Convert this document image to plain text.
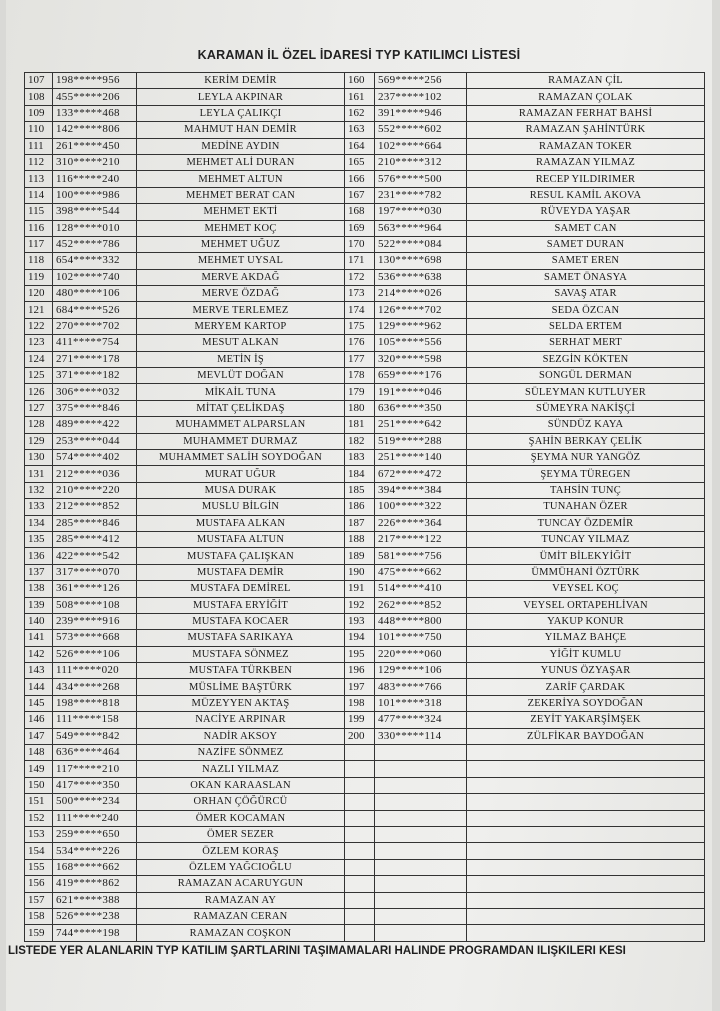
KARAMAN İL ÖZEL İDARESİ TYP KATILIMCI LİSTESİ
107	198*****956	KERİM DEMİR	160	569*****256	RAMAZAN ÇİL
108	455*****206	LEYLA AKPINAR	161	237*****102	RAMAZAN ÇOLAK
109	133*****468	LEYLA ÇALIKÇI	162	391*****946	RAMAZAN FERHAT BAHSİ
110	142*****806	MAHMUT HAN DEMİR	163	552*****602	RAMAZAN ŞAHİNTÜRK
111	261*****450	MEDİNE AYDIN	164	102*****664	RAMAZAN TOKER
112	310*****210	MEHMET ALİ DURAN	165	210*****312	RAMAZAN YILMAZ
113	116*****240	MEHMET ALTUN	166	576*****500	RECEP YILDIRIMER
114	100*****986	MEHMET BERAT CAN	167	231*****782	RESUL KAMİL AKOVA
115	398*****544	MEHMET EKTİ	168	197*****030	RÜVEYDA YAŞAR
116	128*****010	MEHMET KOÇ	169	563*****964	SAMET CAN
117	452*****786	MEHMET UĞUZ	170	522*****084	SAMET DURAN
118	654*****332	MEHMET UYSAL	171	130*****698	SAMET EREN
119	102*****740	MERVE AKDAĞ	172	536*****638	SAMET ÖNASYA
120	480*****106	MERVE ÖZDAĞ	173	214*****026	SAVAŞ ATAR
121	684*****526	MERVE TERLEMEZ	174	126*****702	SEDA ÖZCAN
122	270*****702	MERYEM KARTOP	175	129*****962	SELDA ERTEM
123	411*****754	MESUT ALKAN	176	105*****556	SERHAT MERT
124	271*****178	METİN İŞ	177	320*****598	SEZGİN KÖKTEN
125	371*****182	MEVLÜT DOĞAN	178	659*****176	SONGÜL DERMAN
126	306*****032	MİKAİL TUNA	179	191*****046	SÜLEYMAN KUTLUYER
127	375*****846	MİTAT ÇELİKDAŞ	180	636*****350	SÜMEYRA NAKİŞÇİ
128	489*****422	MUHAMMET ALPARSLAN	181	251*****642	SÜNDÜZ KAYA
129	253*****044	MUHAMMET DURMAZ	182	519*****288	ŞAHİN BERKAY ÇELİK
130	574*****402	MUHAMMET SALİH SOYDOĞAN	183	251*****140	ŞEYMA NUR YANGÖZ
131	212*****036	MURAT UĞUR	184	672*****472	ŞEYMA TÜREGEN
132	210*****220	MUSA DURAK	185	394*****384	TAHSİN TUNÇ
133	212*****852	MUSLU BİLGİN	186	100*****322	TUNAHAN ÖZER
134	285*****846	MUSTAFA ALKAN	187	226*****364	TUNCAY ÖZDEMİR
135	285*****412	MUSTAFA ALTUN	188	217*****122	TUNCAY YILMAZ
136	422*****542	MUSTAFA ÇALIŞKAN	189	581*****756	ÜMİT BİLEKYİĞİT
137	317*****070	MUSTAFA DEMİR	190	475*****662	ÜMMÜHANİ ÖZTÜRK
138	361*****126	MUSTAFA DEMİREL	191	514*****410	VEYSEL KOÇ
139	508*****108	MUSTAFA ERYİĞİT	192	262*****852	VEYSEL ORTAPEHLİVAN
140	239*****916	MUSTAFA KOCAER	193	448*****800	YAKUP KONUR
141	573*****668	MUSTAFA SARIKAYA	194	101*****750	YILMAZ BAHÇE
142	526*****106	MUSTAFA SÖNMEZ	195	220*****060	YİĞİT KUMLU
143	111*****020	MUSTAFA TÜRKBEN	196	129*****106	YUNUS ÖZYAŞAR
144	434*****268	MÜSLİME BAŞTÜRK	197	483*****766	ZARİF ÇARDAK
145	198*****818	MÜZEYYEN AKTAŞ	198	101*****318	ZEKERİYA SOYDOĞAN
146	111*****158	NACİYE ARPINAR	199	477*****324	ZEYİT YAKARŞİMŞEK
147	549*****842	NADİR AKSOY	200	330*****114	ZÜLFİKAR BAYDOĞAN
148	636*****464	NAZİFE SÖNMEZ			
149	117*****210	NAZLI YILMAZ			
150	417*****350	OKAN KARAASLAN			
151	500*****234	ORHAN ÇÖĞÜRCÜ			
152	111*****240	ÖMER KOCAMAN			
153	259*****650	ÖMER SEZER			
154	534*****226	ÖZLEM KORAŞ			
155	168*****662	ÖZLEM YAĞCIOĞLU			
156	419*****862	RAMAZAN ACARUYGUN			
157	621*****388	RAMAZAN AY			
158	526*****238	RAMAZAN CERAN			
159	744*****198	RAMAZAN COŞKON			
LİSTEDE YER ALANLARIN TYP KATILIM ŞARTLARINI TAŞIMAMALARI HALİNDE PROGRAMDAN İLİŞKİLERİ KESİ
